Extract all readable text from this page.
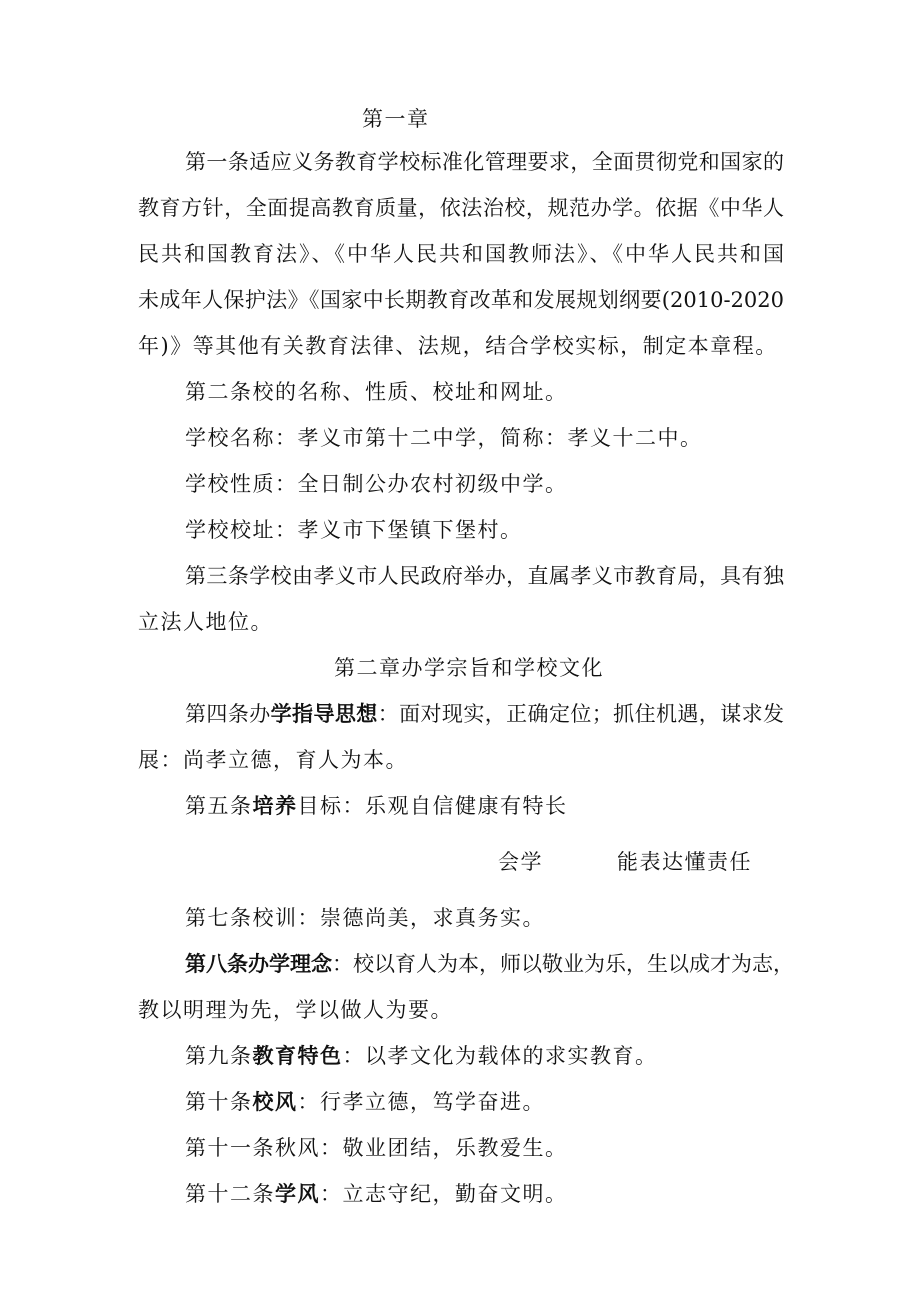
第一章
第一条适应义务教育学校标准化管理要求，全面贯彻党和国家的
教育方针，全面提高教育质量，依法治校，规范办学。依据《中华人
民共和国教育法》、《中华人民共和国教师法》、《中华人民共和国
未成年人保护法》《国家中长期教育改革和发展规划纲要(2010-2020
年)》等其他有关教育法律、法规，结合学校实标，制定本章程。
第二条校的名称、性质、校址和网址。
学校名称：孝义市第十二中学，简称：孝义十二中。
学校性质：全日制公办农村初级中学。
学校校址：孝义市下堡镇下堡村。
第三条学校由孝义市人民政府举办，直属孝义市教育局，具有独
立法人地位。
第二章办学宗旨和学校文化
第四条办学指导思想：面对现实，正确定位；抓住机遇，谋求发
展：尚孝立德，育人为本。
第五条培养目标：乐观自信健康有特长
会学	能表达懂责任
第七条校训：崇德尚美，求真务实。
第八条办学理念：校以育人为本，师以敬业为乐，生以成才为志，
教以明理为先，学以做人为要。
第九条教育特色：以孝文化为载体的求实教育。
第十条校风：行孝立德，笃学奋进。
第十一条秋风：敬业团结，乐教爱生。
第十二条学风：立志守纪，勤奋文明。
